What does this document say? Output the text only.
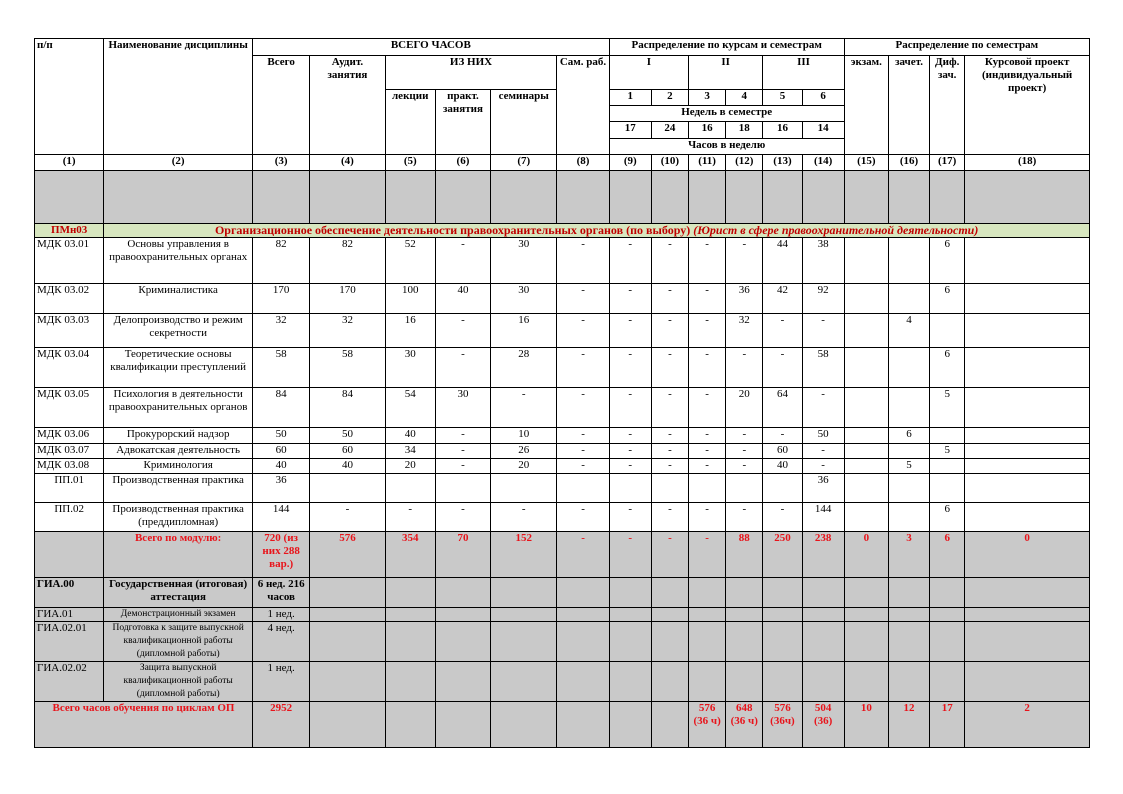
п/п	Наименование дисциплины	ВСЕГО ЧАСОВ						Распределение по курсам и семестрам						Распределение по семестрам			
		Всего	Аудит. занятия	ИЗ НИХ			Сам. раб.	I		II		III		экзам.	зачет.	Диф. зач.	Курсовой проект (индивидуальный проект)
				лекции	практ. занятия	семинары		1	2	3	4	5	6				
								Недель в семестре									
								17	24	16	18	16	14				
								Часов в неделю									

(1)	(2)	(3)	(4)	(5)	(6)	(7)	(8)	(9)	(10)	(11)	(12)	(13)	(14)	(15)	(16)	(17)	(18)

ПМн03	Организационное обеспечение деятельности правоохранительных органов (по выбору) (Юрист в сфере правоохранительной деятельности)																
МДК 03.01	Основы управления в правоохранительных органах	82	82	52	-	30	-	-	-	-	-	44	38			6	
МДК 03.02	Криминалистика	170	170	100	40	30	-	-	-	-	36	42	92			6	
МДК 03.03	Делопроизводство и режим секретности	32	32	16	-	16	-	-	-	-	32	-	-		4		
МДК 03.04	Теоретические основы квалификации преступлений	58	58	30	-	28	-	-	-	-	-	-	58			6	
МДК 03.05	Психология в деятельности правоохранительных органов	84	84	54	30	-	-	-	-	-	20	64	-			5	
МДК 03.06	Прокурорский надзор	50	50	40	-	10	-	-	-	-	-	-	50		6		
МДК 03.07	Адвокатская деятельность	60	60	34	-	26	-	-	-	-	-	60	-			5	
МДК 03.08	Криминология	40	40	20	-	20	-	-	-	-	-	40	-		5		
ПП.01	Производственная практика	36											36				
ПП.02	Производственная практика (преддипломная)	144	-	-	-	-	-	-	-	-	-	-	144			6	
	Всего по модулю:	720 (из них 288 вар.)	576	354	70	152	-	-	-	-	88	250	238	0	3	6	0
ГИА.00	Государственная (итоговая) аттестация	6 нед. 216 часов															
ГИА.01	Демонстрационный экзамен	1 нед.															
ГИА.02.01	Подготовка к защите выпускной квалификационной работы (дипломной работы)	4 нед.															
ГИА.02.02	Защита выпускной квалификационной работы (дипломной работы)	1 нед.															
Всего часов обучения по циклам ОП		2952								576 (36 ч)	648 (36 ч)	576 (36ч)	504 (36)	10	12	17	2
